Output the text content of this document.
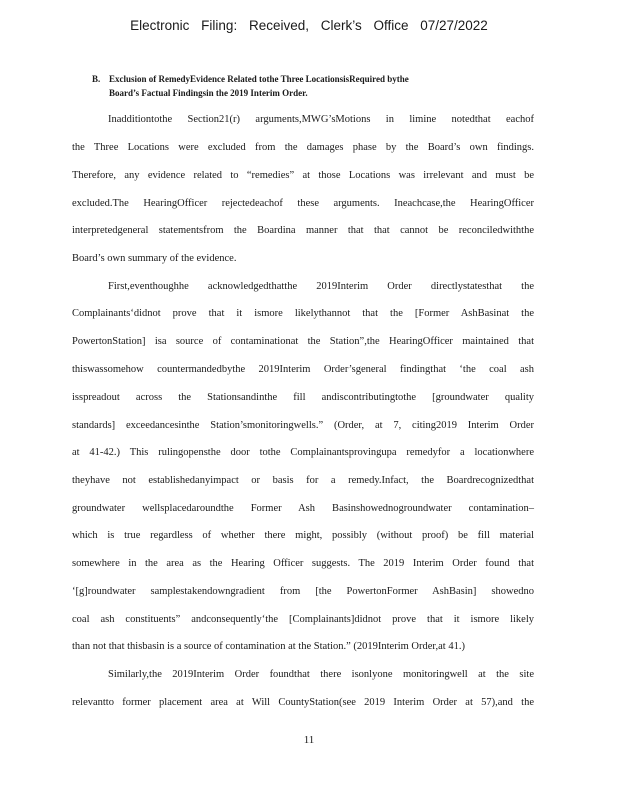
Electronic Filing: Received, Clerk’s Office 07/27/2022
B. Exclusion of RemedyEvidence Related tothe Three LocationsisRequired bythe
Board’s Factual Findingsin the 2019 Interim Order.
Inadditiontothe Section21(r) arguments,MWG’sMotions in limine notedthat eachof
the Three Locations were excluded from the damages phase by the Board’s own findings.
Therefore, any evidence related to “remedies” at those Locations was irrelevant and must be
excluded.The HearingOfficer rejectedeachof these arguments. Ineachcase,the HearingOfficer
interpretedgeneral statementsfrom the Boardina manner that that cannot be reconciledwiththe
Board’s own summary of the evidence.
First,eventhoughhe acknowledgedthatthe 2019Interim Order directlystatesthat the
Complainants‘didnot prove that it ismore likelythannot that the [Former AshBasinat the
PowertonStation] isa source of contaminationat the Station”,the HearingOfficer maintained that
thiswassomehow countermandedbythe 2019Interim Order’sgeneral findingthat ‘the coal ash
isspreadout across the Stationsandinthe fill andiscontributingtothe [groundwater quality
standards] exceedancesinthe Station’smonitoringwells.” (Order, at 7, citing2019 Interim Order
at 41-42.) This rulingopensthe door tothe Complainantsprovingupa remedyfor a locationwhere
theyhave not establishedanyimpact or basis for a remedy.Infact, the Boardrecognizedthat
groundwater wellsplacedaroundthe Former Ash Basinshowednogroundwater contamination–
which is true regardless of whether there might, possibly (without proof) be fill material
somewhere in the area as the Hearing Officer suggests. The 2019 Interim Order found that
‘[g]roundwater samplestakendowngradient from [the PowertonFormer AshBasin] showedno
coal ash constituents” andconsequently‘the [Complainants]didnot prove that it ismore likely
than not that thisbasin is a source of contamination at the Station.” (2019Interim Order,at 41.)
Similarly,the 2019Interim Order foundthat there isonlyone monitoringwell at the site
relevantto former placement area at Will CountyStation(see 2019 Interim Order at 57),and the
11
